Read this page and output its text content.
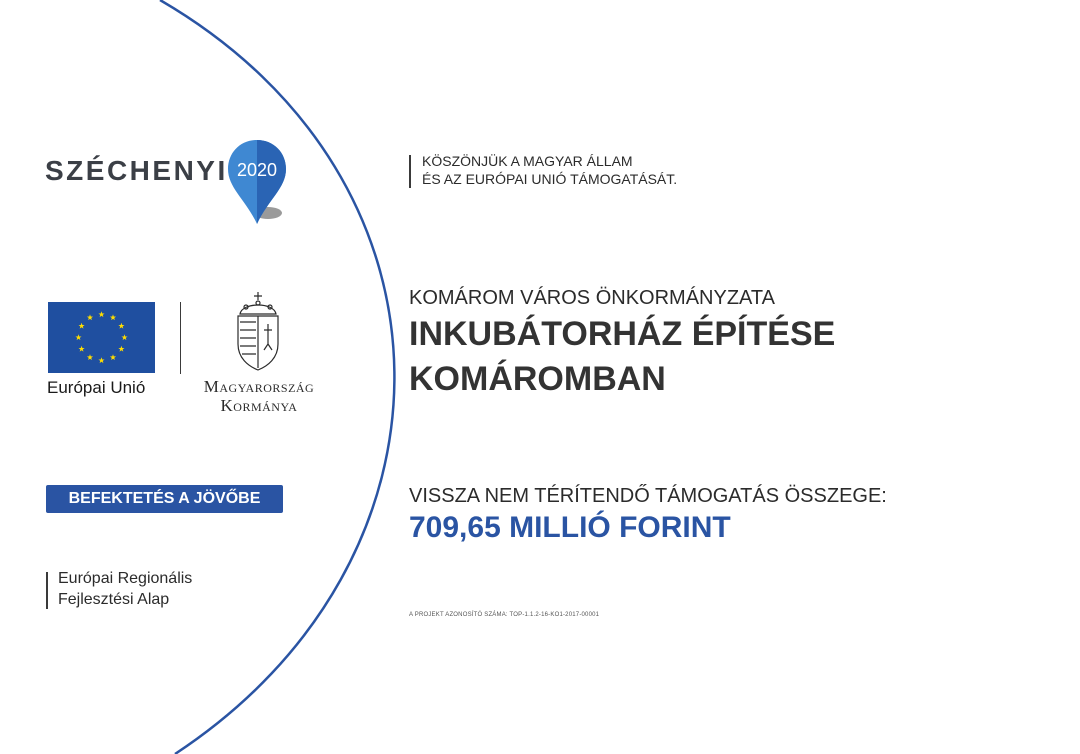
SZÉCHENYI 2020
Európai Unió	Magyarország
Kormánya
BEFEKTETÉS A JÖVŐBE
Európai Regionális
Fejlesztési Alap
KÖSZÖNJÜK A MAGYAR ÁLLAM
ÉS AZ EURÓPAI UNIÓ TÁMOGATÁSÁT.
KOMÁROM VÁROS ÖNKORMÁNYZATA
INKUBÁTORHÁZ ÉPÍTÉSE
KOMÁROMBAN
VISSZA NEM TÉRÍTENDŐ TÁMOGATÁS ÖSSZEGE:
709,65 MILLIÓ FORINT
A PROJEKT AZONOSÍTÓ SZÁMA: TOP-1.1.2-16-KO1-2017-00001
